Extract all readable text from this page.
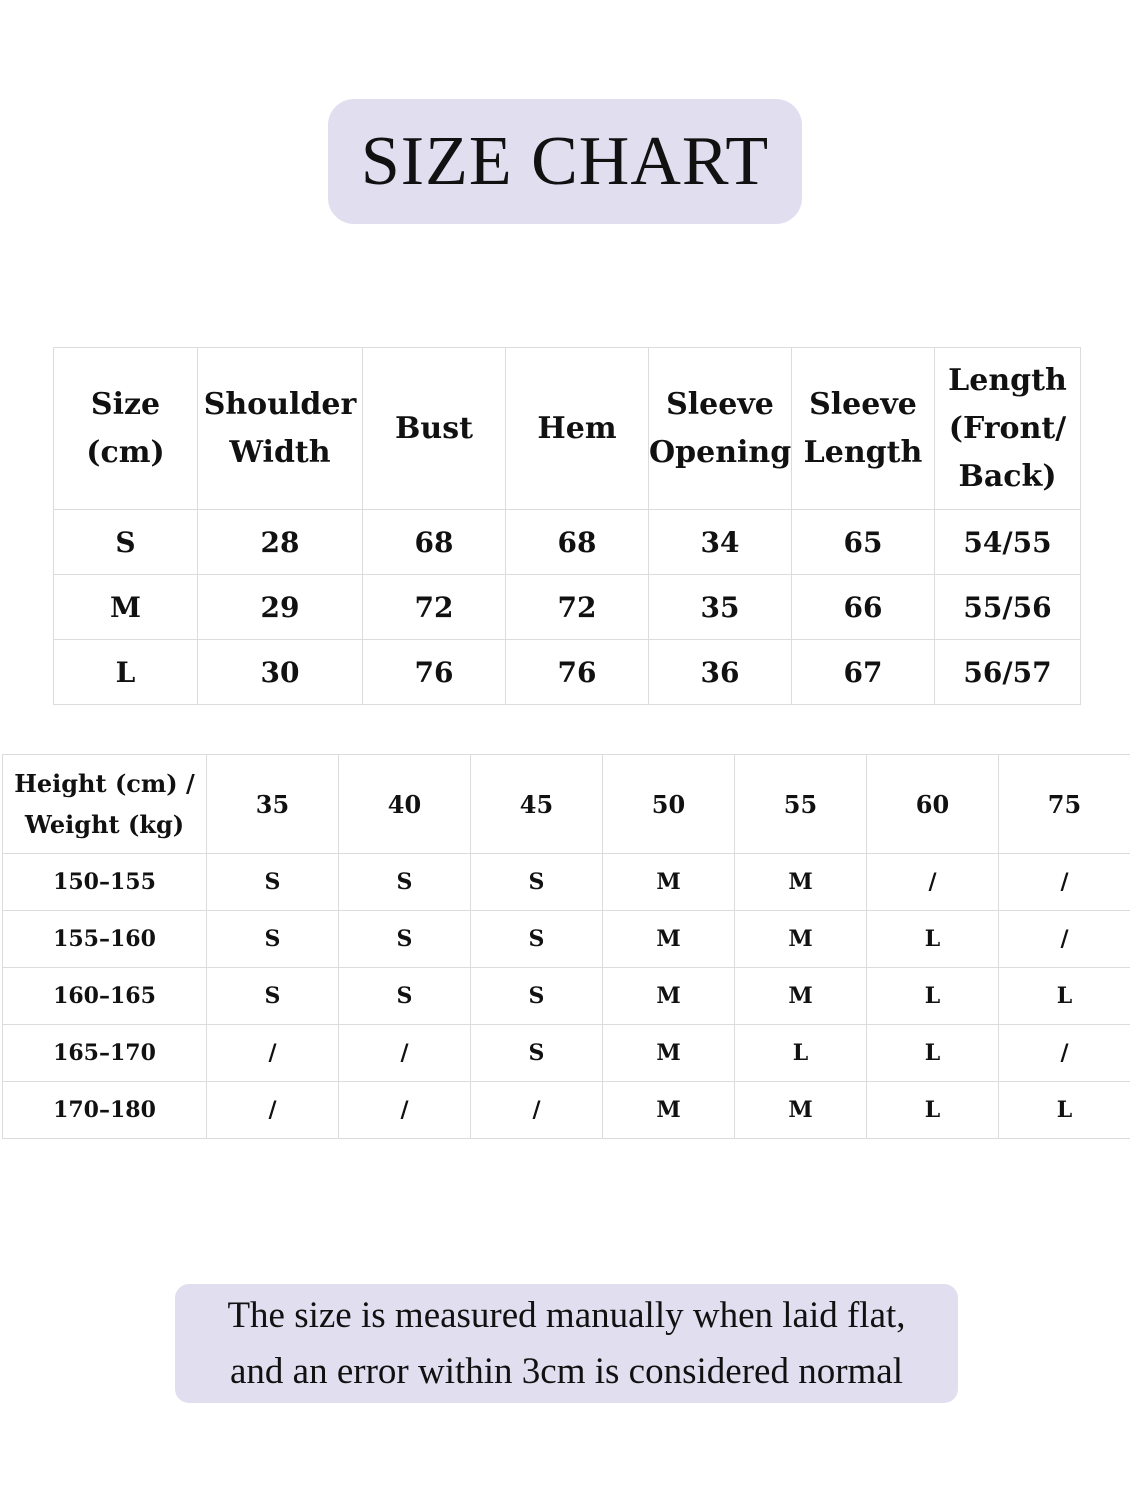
SIZE CHART
Size (cm)	Shoulder Width	Bust	Hem	Sleeve Opening	Sleeve Length	Length (Front/ Back)
S	28	68	68	34	65	54/55
M	29	72	72	35	66	55/56
L	30	76	76	36	67	56/57
Height (cm) / Weight (kg)	35	40	45	50	55	60	75
150–155	S	S	S	M	M	/	/
155–160	S	S	S	M	M	L	/
160–165	S	S	S	M	M	L	L
165–170	/	/	S	M	L	L	/
170–180	/	/	/	M	M	L	L
The size is measured manually when laid flat,
and an error within 3cm is considered normal
